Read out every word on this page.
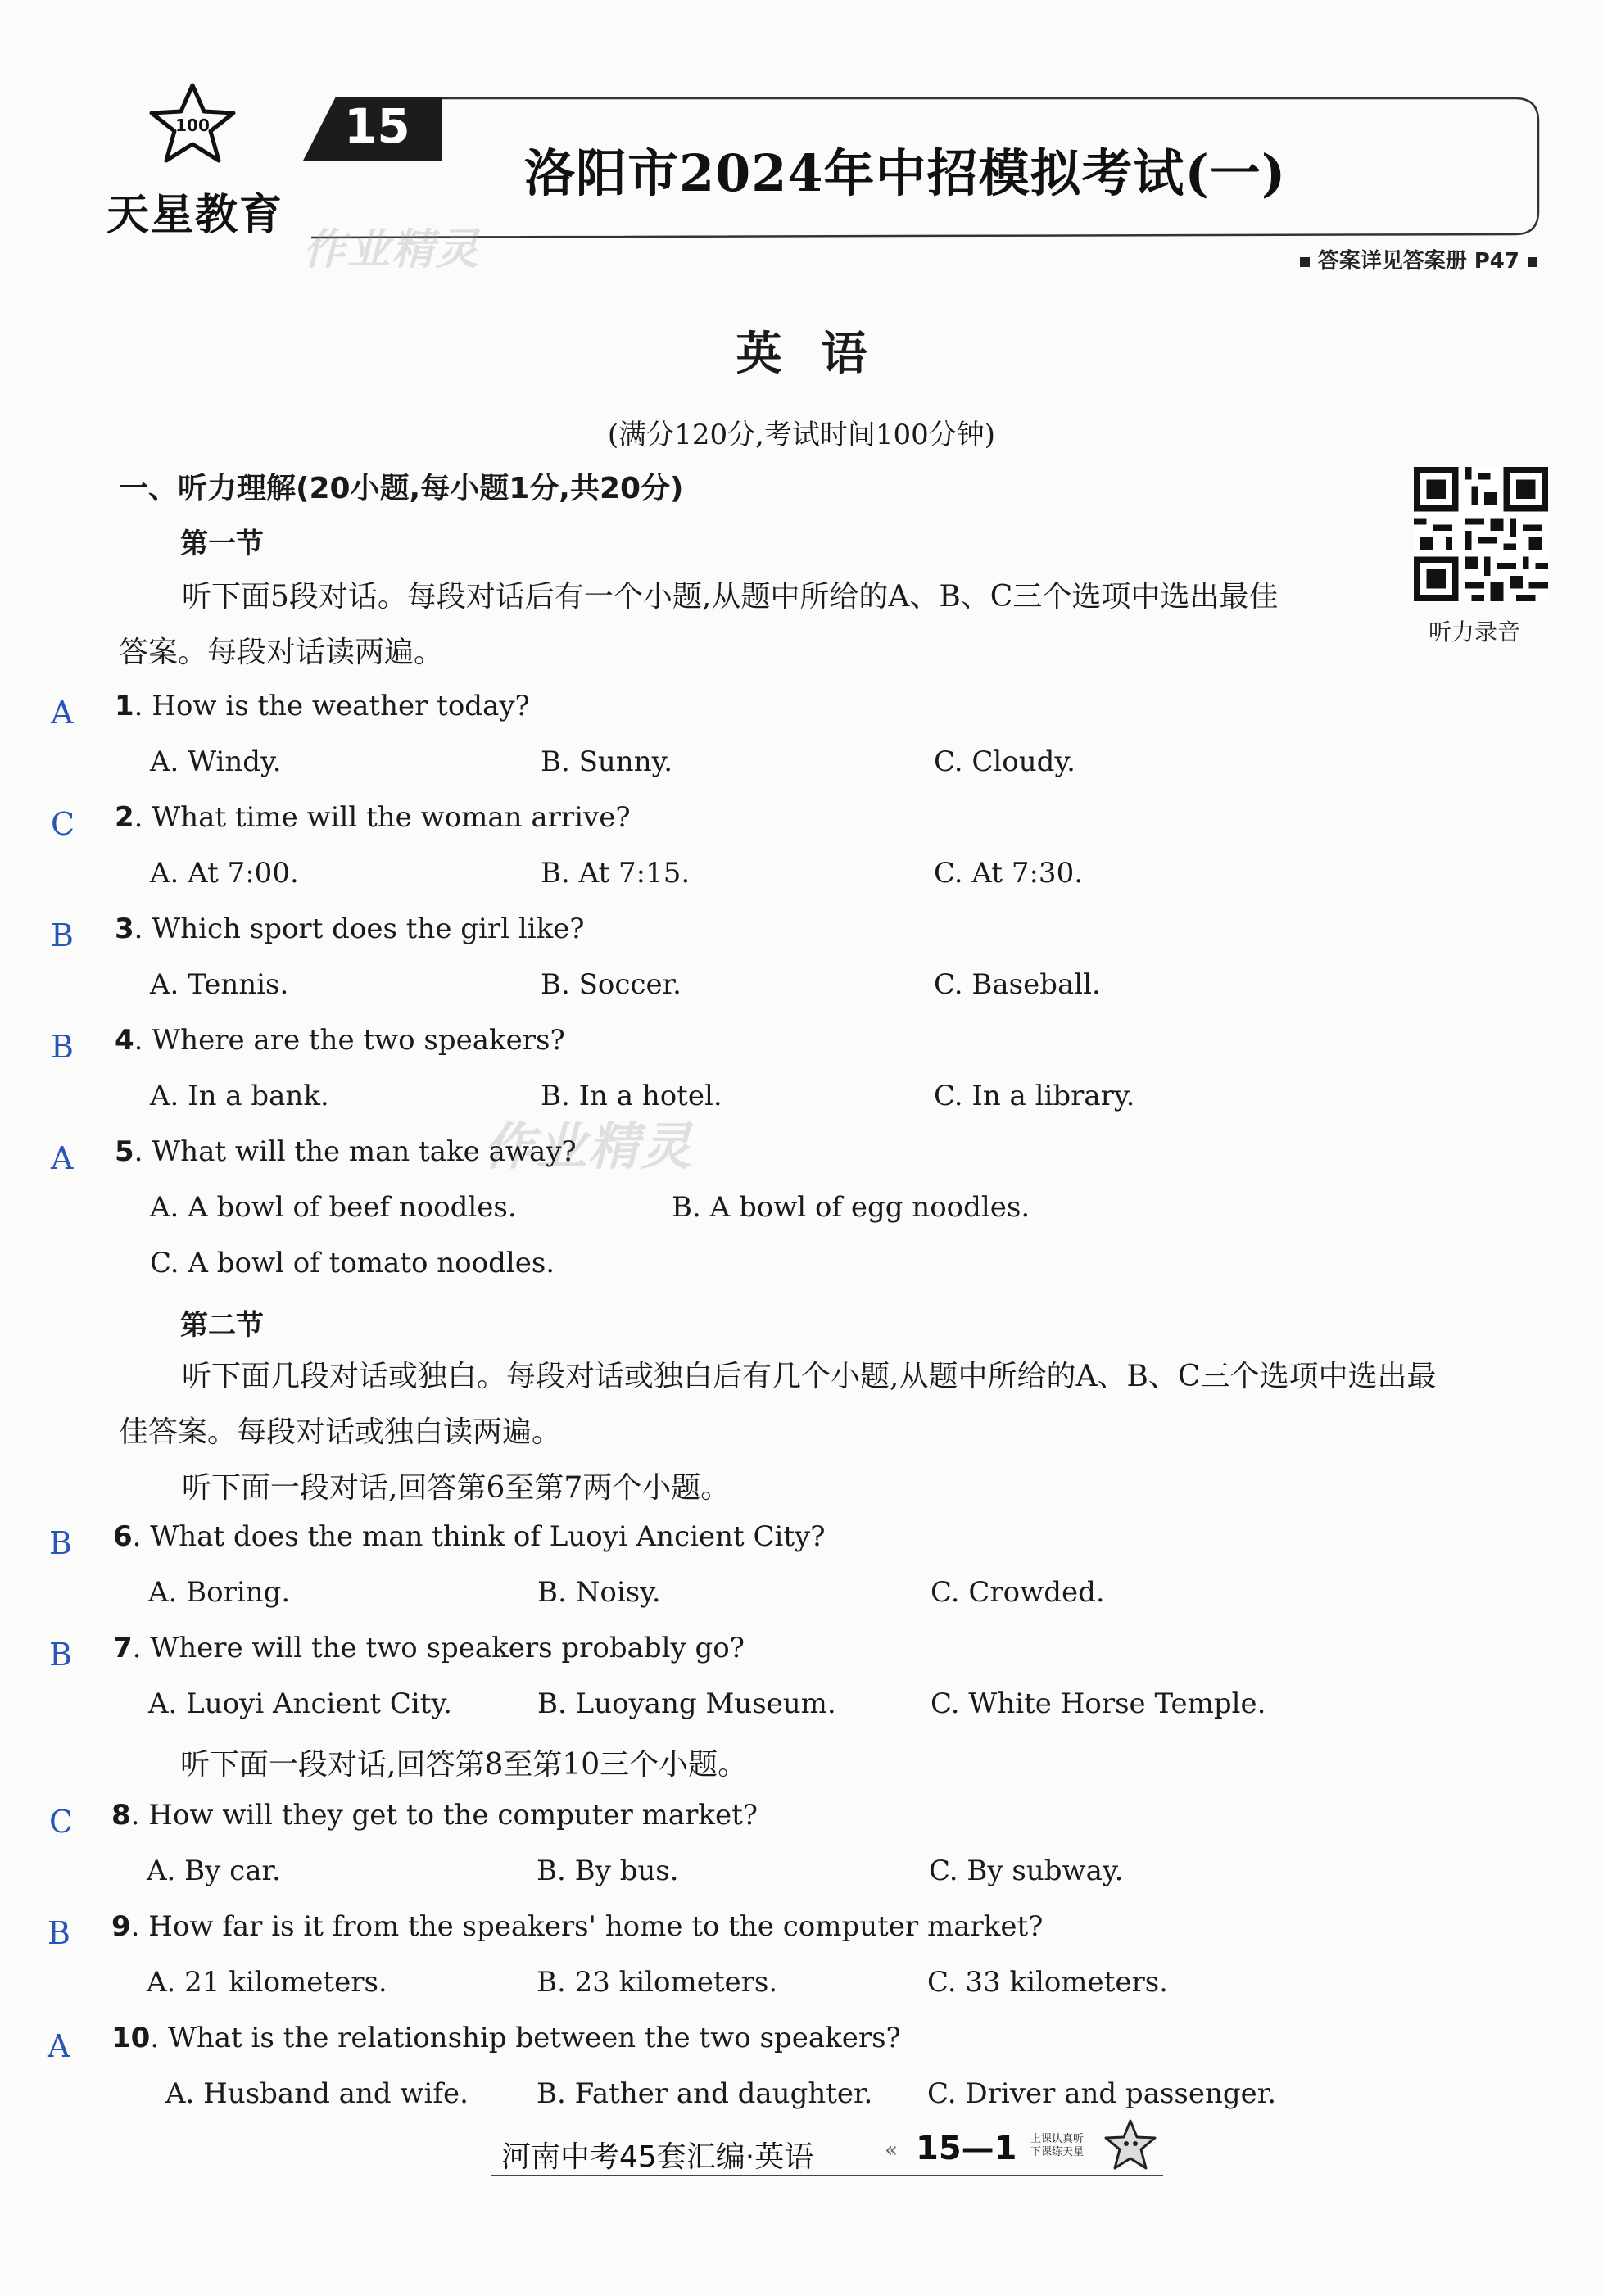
100
天星教育
15
洛阳市2024年中招模拟考试(一)
作业精灵
作业精灵
答案详见答案册 P47
英语
(满分120分,考试时间100分钟)
一、听力理解(20小题,每小题1分,共20分)
第一节
听下面5段对话。每段对话后有一个小题,从题中所给的A、B、C三个选项中选出最佳
答案。每段对话读两遍。
听力录音
A 1. How is the weather today?
A. Windy.	B. Sunny.	C. Cloudy.
C 2. What time will the woman arrive?
A. At 7:00.	B. At 7:15.	C. At 7:30.
B 3. Which sport does the girl like?
A. Tennis.	B. Soccer.	C. Baseball.
B 4. Where are the two speakers?
A. In a bank.	B. In a hotel.	C. In a library.
A 5. What will the man take away?
A. A bowl of beef noodles.	B. A bowl of egg noodles.
C. A bowl of tomato noodles.
第二节
听下面几段对话或独白。每段对话或独白后有几个小题,从题中所给的A、B、C三个选项中选出最
佳答案。每段对话或独白读两遍。
听下面一段对话,回答第6至第7两个小题。
B 6. What does the man think of Luoyi Ancient City?
A. Boring.	B. Noisy.	C. Crowded.
B 7. Where will the two speakers probably go?
A. Luoyi Ancient City.	B. Luoyang Museum.	C. White Horse Temple.
听下面一段对话,回答第8至第10三个小题。
C 8. How will they get to the computer market?
A. By car.	B. By bus.	C. By subway.
B 9. How far is it from the speakers' home to the computer market?
A. 21 kilometers.	B. 23 kilometers.	C. 33 kilometers.
A 10. What is the relationship between the two speakers?
A. Husband and wife. B. Father and daughter. C. Driver and passenger.
河南中考45套汇编·英语	« 15—1 上课认真听
下课练天星
